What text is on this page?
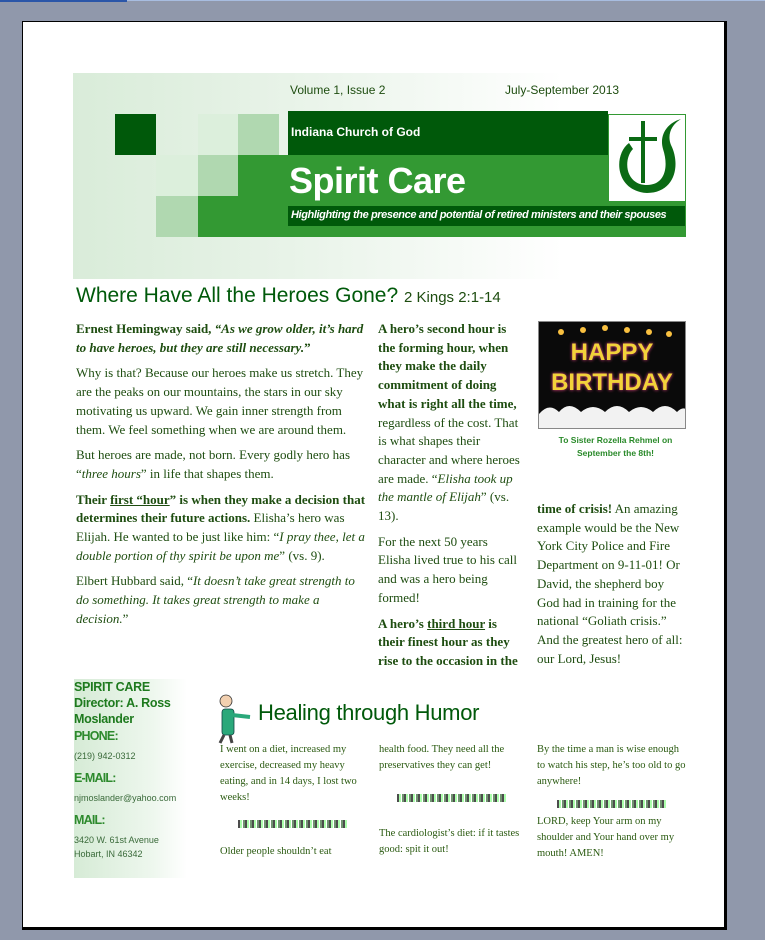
Volume 1, Issue 2	July-September 2013
Indiana Church of God
Spirit Care
Highlighting the presence and potential of retired ministers and their spouses
Where Have All the Heroes Gone? 2 Kings 2:1-14

Ernest Hemingway said, “As we grow older, it’s hard to have heroes, but they are still necessary.”

Why is that? Because our heroes make us stretch. They are the peaks on our mountains, the stars in our sky motivating us upward. We gain inner strength from them. We feel something when we are around them.

But heroes are made, not born. Every godly hero has “three hours” in life that shapes them.

Their first “hour” is when they make a decision that determines their future actions. Elisha’s hero was Elijah. He wanted to be just like him: “I pray thee, let a double portion of thy spirit be upon me” (vs. 9).

Elbert Hubbard said, “It doesn’t take great strength to do something. It takes great strength to make a decision.”

A hero’s second hour is the forming hour, when they make the daily commitment of doing what is right all the time, regardless of the cost. That is what shapes their character and where heroes are made. “Elisha took up the mantle of Elijah” (vs. 13).

For the next 50 years Elisha lived true to his call and was a hero being formed!

A hero’s third hour is their finest hour as they rise to the occasion in the

time of crisis! An amazing example would be the New York City Police and Fire Department on 9-11-01! Or David, the shepherd boy God had in training for the national “Goliath crisis.” And the greatest hero of all: our Lord, Jesus!

HAPPY BIRTHDAY
To Sister Rozella Rehmel on September the 8th!
SPIRIT CARE
Director: A. Ross Moslander
PHONE:
(219) 942-0312
E-MAIL:
njmoslander@yahoo.com
MAIL:
3420 W. 61st Avenue
Hobart, IN 46342
Healing through Humor
I went on a diet, increased my exercise, decreased my heavy eating, and in 14 days, I lost two weeks!
Older people shouldn’t eat
health food. They need all the preservatives they can get!
The cardiologist’s diet: if it tastes good: spit it out!
By the time a man is wise enough to watch his step, he’s too old to go anywhere!
LORD, keep Your arm on my shoulder and Your hand over my mouth! AMEN!
